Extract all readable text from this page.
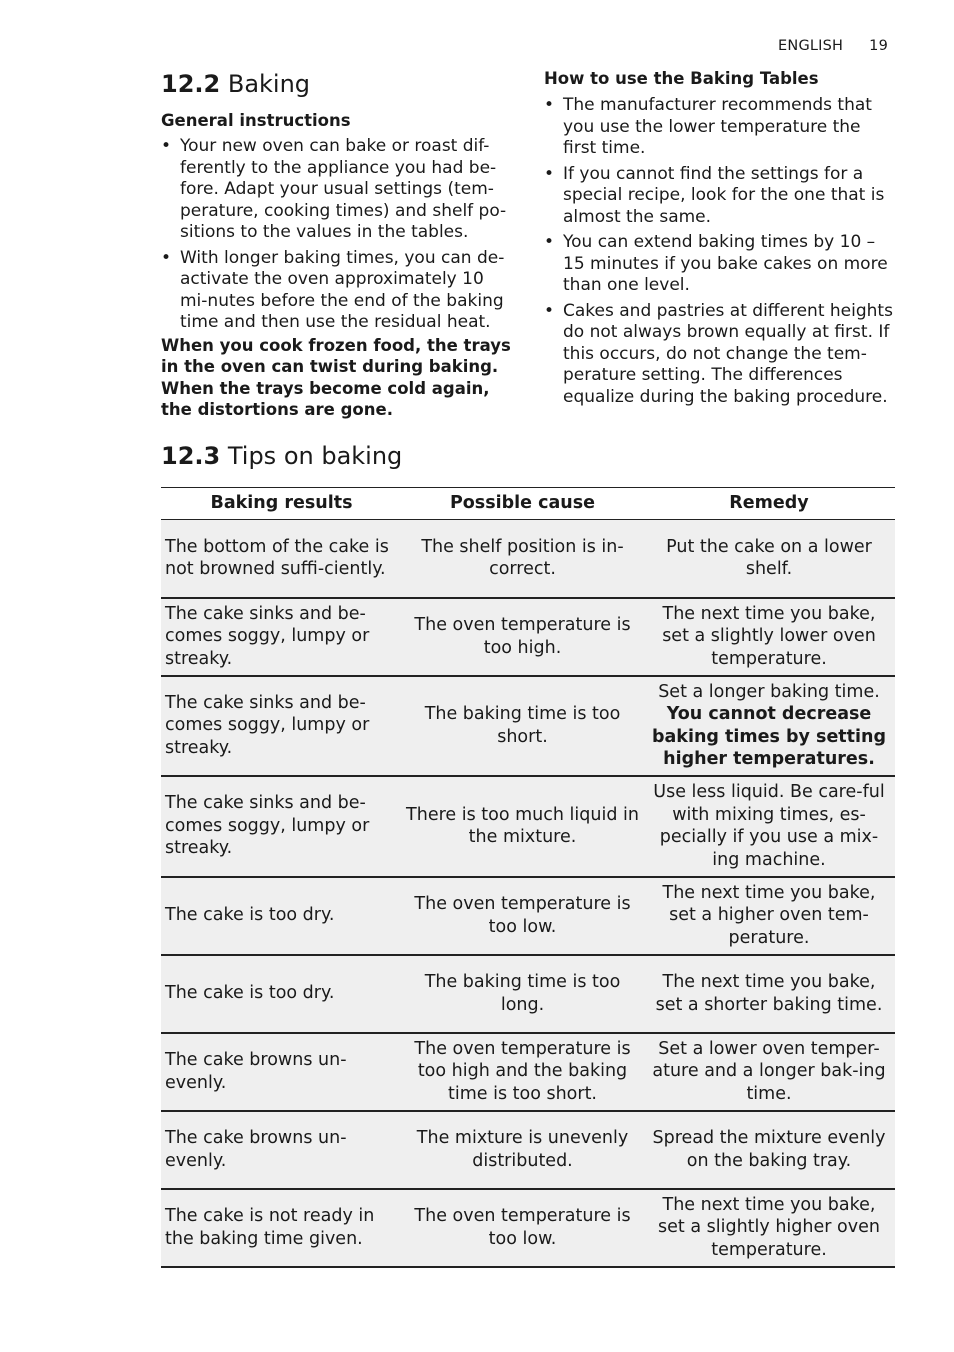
ENGLISH 19
12.2 Baking

General instructions

• Your new oven can bake or roast dif-ferently to the appliance you had be-fore. Adapt your usual settings (tem-perature, cooking times) and shelf po-sitions to the values in the tables.
• With longer baking times, you can de-activate the oven approximately 10 mi-nutes before the end of the baking time and then use the residual heat.

When you cook frozen food, the trays in the oven can twist during baking. When the trays become cold again, the distortions are gone.

How to use the Baking Tables

• The manufacturer recommends that you use the lower temperature the first time.
• If you cannot find the settings for a special recipe, look for the one that is almost the same.
• You can extend baking times by 10 – 15 minutes if you bake cakes on more than one level.
• Cakes and pastries at different heights do not always brown equally at first. If this occurs, do not change the tem-perature setting. The differences equalize during the baking procedure.
12.3 Tips on baking
Baking results	Possible cause	Remedy
The bottom of the cake is not browned suffi-ciently.	The shelf position is in-correct.	Put the cake on a lower shelf.
The cake sinks and be-comes soggy, lumpy or streaky.	The oven temperature is too high.	The next time you bake, set a slightly lower oven temperature.
The cake sinks and be-comes soggy, lumpy or streaky.	The baking time is too short.	Set a longer baking time.
You cannot decrease baking times by setting higher temperatures.
The cake sinks and be-comes soggy, lumpy or streaky.	There is too much liquid in the mixture.	Use less liquid. Be care-ful with mixing times, es-pecially if you use a mix-ing machine.
The cake is too dry.	The oven temperature is too low.	The next time you bake, set a higher oven tem-perature.
The cake is too dry.	The baking time is too long.	The next time you bake, set a shorter baking time.
The cake browns un-evenly.	The oven temperature is too high and the baking time is too short.	Set a lower oven temper-ature and a longer bak-ing time.
The cake browns un-evenly.	The mixture is unevenly distributed.	Spread the mixture evenly on the baking tray.
The cake is not ready in the baking time given.	The oven temperature is too low.	The next time you bake, set a slightly higher oven temperature.
